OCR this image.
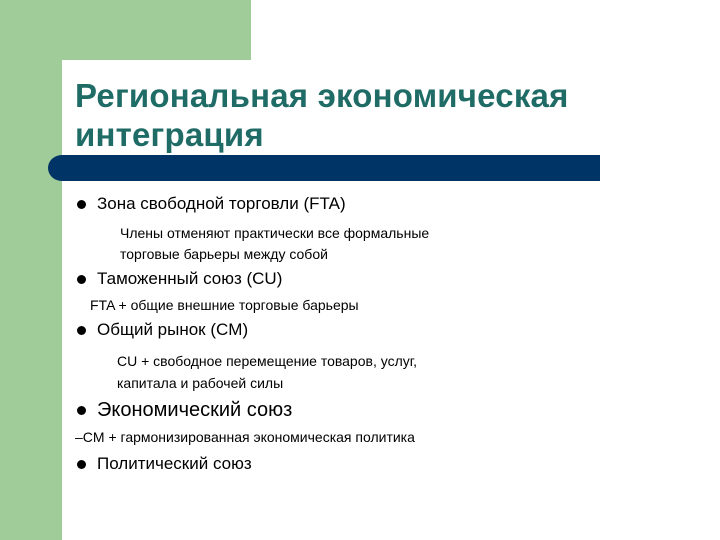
Региональная экономическая
интеграция

Зона свободной торговли (FTA)

Члены отменяют практически все формальные

торговые барьеры между собой

Таможенный союз (CU)

FTA + общие внешние торговые барьеры

Общий рынок (CM)

CU + свободное перемещение товаров, услуг,

капитала и рабочей силы

Экономический союз

–CM + гармонизированная экономическая политика

Политический союз
